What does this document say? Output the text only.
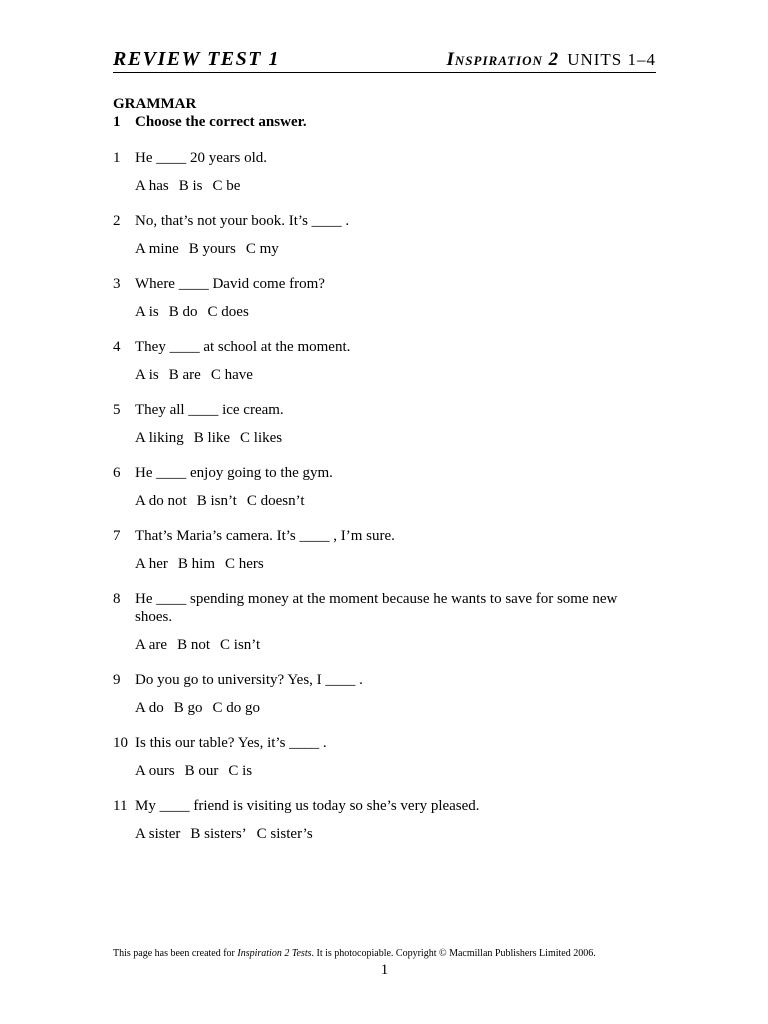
REVIEW TEST 1	Inspiration 2 UNITS 1–4
GRAMMAR
1 Choose the correct answer.
1 He ____ 20 years old.
A has B is C be
2 No, that’s not your book. It’s ____ .
A mine B yours C my
3 Where ____ David come from?
A is B do C does
4 They ____ at school at the moment.
A is B are C have
5 They all ____ ice cream.
A liking B like C likes
6 He ____ enjoy going to the gym.
A do not B isn’t C doesn’t
7 That’s Maria’s camera. It’s ____ , I’m sure.
A her B him C hers
8 He ____ spending money at the moment because he wants to save for some new shoes.
A are B not C isn’t
9 Do you go to university? Yes, I ____ .
A do B go C do go
10 Is this our table? Yes, it’s ____ .
A ours B our C is
11 My ____ friend is visiting us today so she’s very pleased.
A sister B sisters’ C sister’s
This page has been created for Inspiration 2 Tests. It is photocopiable. Copyright © Macmillan Publishers Limited 2006.
1
